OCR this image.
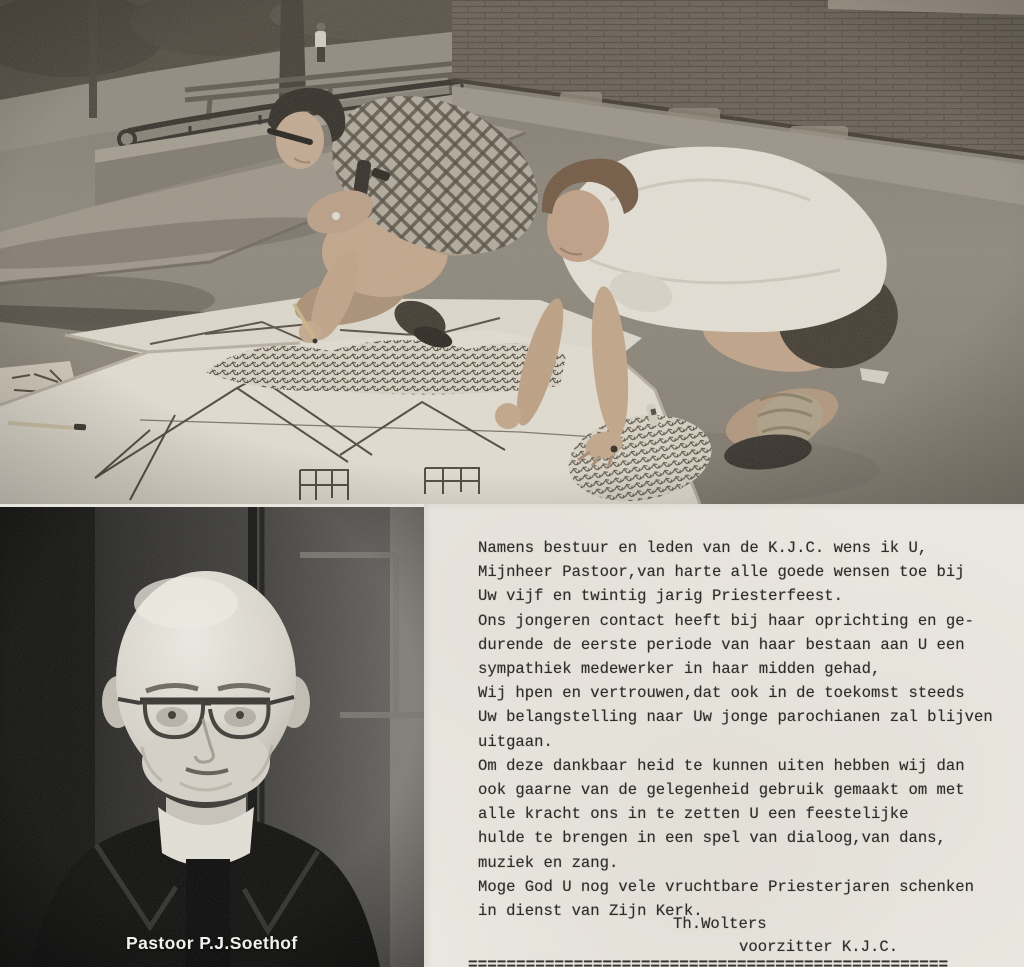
Pastoor P.J.Soethof
Namens bestuur en leden van de K.J.C. wens ik U,
Mijnheer Pastoor,van harte alle goede wensen toe bij
Uw vijf en twintig jarig Priesterfeest.
Ons jongeren contact heeft bij haar oprichting en ge-
durende de eerste periode van haar bestaan aan U een
sympathiek medewerker in haar midden gehad,
Wij hpen en vertrouwen,dat ook in de toekomst steeds
Uw belangstelling naar Uw jonge parochianen zal blijven
uitgaan.
Om deze dankbaar heid te kunnen uiten hebben wij dan
ook gaarne van de gelegenheid gebruik gemaakt om met
alle kracht ons in te zetten U een feestelijke
hulde te brengen in een spel van dialoog,van dans,
muziek en zang.
Moge God U nog vele vruchtbare Priesterjaren schenken
in dienst van Zijn Kerk.
Th.Wolters
voorzitter K.J.C.
==================================================
